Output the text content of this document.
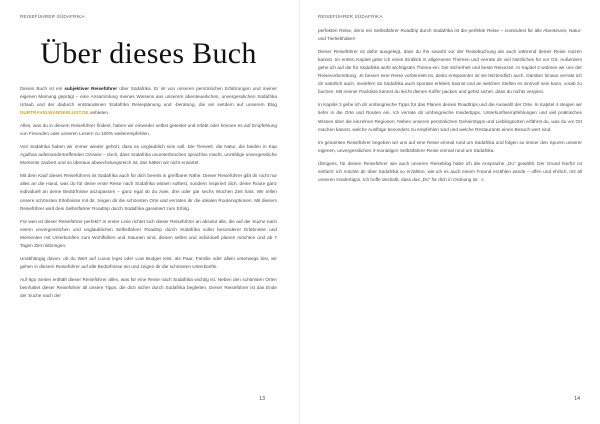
REISEFÜHRER SÜDAFRIKA
Über dieses Buch

Dieses Buch ist ein subjektiver Reiseführer über Südafrika. Er ist von unseren persönlichen Erfahrungen und meiner eigenen Meinung geprägt – eine Ansammlung meines Wissens aus unserem abenteuerlichen, unvergesslichen Südafrika Urlaub und der dadurch entstandenen Südafrika Reiseplanung und -beratung, die wir seitdem auf unserem Blog DURTRAVELWANDERLUST.DE anbieten.

Alles, was du in diesem Reiseführer findest, haben wir entweder selbst getestet und erlebt oder können es auf Empfehlung von Freunden oder unseren Lesern zu 100% weiterempfehlen.

Von Südafrika haben wir immer wieder gehört, dass es unglaublich sein soll. Die Tierwelt, die Natur, die beiden in Kap Agulhas aufeinandertreffenden Ozeane – doch, dass Südafrika unumterbrochen sprachlos macht, unzählige unvergessliche Momente zaubert und so überaus abwechslungsreich ist, das hätten wir nicht erwartet.

Mit dem Kauf dieses Reiseführers ist Südafrika auch für dich bereits in greifbarer Nähe. Dieser Reiseführer gibt dir nicht nur alles an die Hand, was du für deine erste Reise nach Südafrika wissen solltest, sondern inspiriert dich, deine Route ganz individuell an deine Bedürfnisse anzupassen – ganz egal ob du zwei, drei oder gar sechs Wochen Zeit hast. Wir teilen unsere schönsten Erlebnisse mit dir, zeigen dir die schönsten Orte und verraten dir die idealen Routenoptionen. Mit diesem Reiseführer wird dein Selbstfahrer Roadtrip durch Südafrika garantiert zum Erfolg.

Für wen ist dieser Reiseführer perfekt? In erster Linie richtet sich dieser Reiseführer an absolut alle, die auf der Suche nach einem unvergesslichen und unglaublichen Selbstfahrer Roadtrip durch Südafrika voller besonderer Erlebnisse und Momenten mit Unterkünften zum Wohlfühlen und Staunen sind, diesen selbst und individuell planen möchten und ab 7 Tagen Zeit mitbringen.

Unabhängig davon, ob du Wert auf Luxus legst oder Low Budget reist, als Paar, Familie oder allein unterwegs bist, wir gehen in diesem Reiseführer auf alle Bedürfnisse ein und zeigen dir die schönsten Unterkünfte.

Auf 8go Seiten enthält dieser Reiseführer alles, was für eine Reise nach Südafrika wichtig ist. Neben den schönsten Orten beinhaltet dieser Reiseführer all unsere Tipps, die dich sicher durch Südafrika begleiten. Dieser Reiseführer ist das Ende der Suche nach der

13
REISEFÜHRER SÜDAFRIKA

perfekten Reise, denn ein Selbstfahrer Roadtrip durch Südafrika ist die perfekte Reise – zumindest für alle Abenteurer, Natur- und Tierliebhaber!

Dieser Reiseführer ist dafür ausgelegt, dass du ihn sowohl vor der Reisebuchung als auch während deiner Reise nutzen kannst. Im ersten Kapitel gebe ich einen Einblick in allgemeine Themen und verrate dir viel Nützliches für vor Ort. Außerdem gehe ich auf die für Südafrika wohl wichtigsten Thema ein: Die Sicherheit und beste Reisezeit. In Kapitel 2 widmen wir uns der Reisevorbereitung. Je besser eine Reise vorbereitet ist, desto entspannter ist sie letztendlich auch. Darüber hinaus verrate ich dir natürlich auch, inwiefern du Südafrika auch spontan erleben kannst und an welchen Stellen es sinnvoll sein kann, vorab zu buchen. Mit meiner Packliste kannst du leicht deinen Koffer packen und gehst sicher, dass du nichts vergisst.

In Kapitel 3 gebe ich dir umfangreiche Tipps für das Planen deines Roadtrips und die Auswahl der Orte. In Kapitel 4 steigen wir tiefer in die Orte und Routen ein. Ich verrate dir umfangreiche Insidertipps, Unterkunftsempfehlungen und viel praktisches Wissen über die einzelnen Regionen. Neben unseren persönlichen Geheimtipps und Lieblingsorten erfährst du, was du vor Ort machen kannst, welche Ausflüge besonders zu empfehlen sind und welche Restaurants einen Besuch wert sind.

Im gesamten Reiseführer begeben wir uns auf eine Reise einmal rund um Südafrika und folgen so immer den Spuren unserer eigenen, unvergesslichen 3-monatigen Selbstfahrer-Reise einmal rund um Südafrika.

Übrigens, für diesen Reiseführer wie auch unseren Reiseblog habe ich die Ansprache „Du“ gewählt. Der Grund hierfür ist einfach: ich möchte dir über Südafrika so erzählen, wie ich es auch einem Freund erzählen würde – offen und ehrlich, mit all unseren Insidertipps. Ich hoffe deshalb, dass das „Du“ für dich in Ordnung ist. ☺

14
